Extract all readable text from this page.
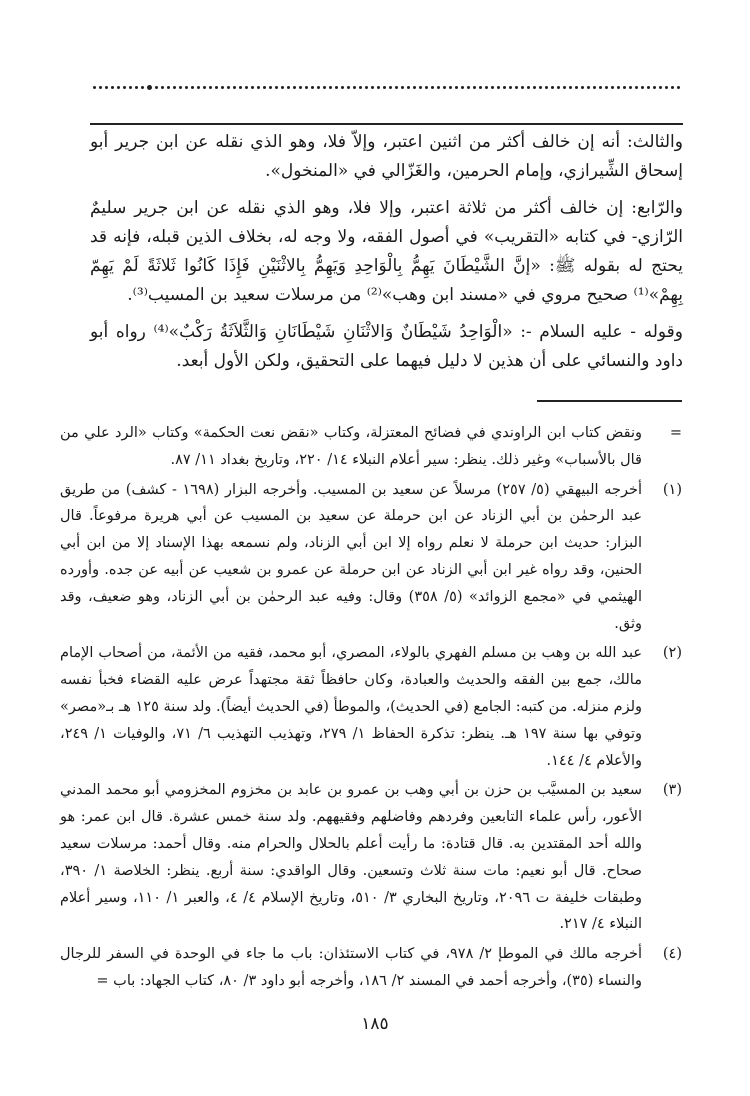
والثالث: أنه إن خالف أكثر من اثنين اعتبر، وإلاّ فلا، وهو الذي نقله عن ابن جرير أبو إسحاق الشِّيرازي، وإمام الحرمين، والغَزّالي في «المنخول».

والرّابع: إن خالف أكثر من ثلاثة اعتبر، وإلا فلا، وهو الذي نقله عن ابن جرير سليمٌ الرّازي- في كتابه «التقريب» في أصول الفقه، ولا وجه له، بخلاف الذين قبله، فإنه قد يحتج له بقوله ﷺ: «إنَّ الشَّيْطَانَ يَهِمُّ بِالْوَاحِدِ وَيَهِمُّ بِالاثْنَيْنِ فَإِذَا كَانُوا ثَلاثَةً لَمْ يَهِمّ بِهِمْ»⁽¹⁾ صحيح مروي في «مسند ابن وهب»⁽²⁾ من مرسلات سعيد بن المسيب⁽³⁾.

وقوله - عليه السلام -: «الْوَاحِدُ شَيْطَانٌ وَالاثْنَانِ شَيْطَانَانِ وَالثَّلاَثَةُ رَكْبٌ»⁽⁴⁾ رواه أبو داود والنسائي على أن هذين لا دليل فيهما على التحقيق، ولكن الأول أبعد.

=
ونقض كتاب ابن الراوندي في فضائح المعتزلة، وكتاب «نقض نعت الحكمة» وكتاب «الرد علي من قال بالأسباب» وغير ذلك. ينظر: سير أعلام النبلاء ١٤/ ٢٢٠، وتاريخ بغداد ١١/ ٨٧.
(١)
أخرجه البيهقي (٥/ ٢٥٧) مرسلاً عن سعيد بن المسيب. وأخرجه البزار (١٦٩٨ - كشف) من طريق عبد الرحمٰن بن أبي الزناد عن ابن حرملة عن سعيد بن المسيب عن أبي هريرة مرفوعاً. قال البزار: حديث ابن حرملة لا نعلم رواه إلا ابن أبي الزناد، ولم نسمعه بهذا الإسناد إلا من ابن أبي الحنين، وقد رواه غير ابن أبي الزناد عن ابن حرملة عن عمرو بن شعيب عن أبيه عن جده. وأورده الهيثمي في «مجمع الزوائد» (٥/ ٣٥٨) وقال: وفيه عبد الرحمٰن بن أبي الزناد، وهو ضعيف، وقد وثق.
(٢)
عبد الله بن وهب بن مسلم الفهري بالولاء، المصري، أبو محمد، فقيه من الأئمة، من أصحاب الإمام مالك، جمع بين الفقه والحديث والعبادة، وكان حافظاً ثقة مجتهداً عرض عليه القضاء فخبأ نفسه ولزم منزله. من كتبه: الجامع (في الحديث)، والموطأ (في الحديث أيضاً). ولد سنة ١٢٥ هـ بـ«مصر» وتوفي بها سنة ١٩٧ هـ. ينظر: تذكرة الحفاظ ١/ ٢٧٩، وتهذيب التهذيب ٦/ ٧١، والوفيات ١/ ٢٤٩، والأعلام ٤/ ١٤٤.
(٣)
سعيد بن المسيَّب بن حزن بن أبي وهب بن عمرو بن عابد بن مخزوم المخزومي أبو محمد المدني الأعور، رأس علماء التابعين وفردهم وفاضلهم وفقيههم. ولد سنة خمس عشرة. قال ابن عمر: هو والله أحد المقتدين به. قال قتادة: ما رأيت أعلم بالحلال والحرام منه. وقال أحمد: مرسلات سعيد صحاح. قال أبو نعيم: مات سنة ثلاث وتسعين. وقال الواقدي: سنة أربع. ينظر: الخلاصة ١/ ٣٩٠، وطبقات خليفة ت ٢٠٩٦، وتاريخ البخاري ٣/ ٥١٠، وتاريخ الإسلام ٤/ ٤، والعبر ١/ ١١٠، وسير أعلام النبلاء ٤/ ٢١٧.
(٤)
أخرجه مالك في الموطإ ٢/ ٩٧٨، في كتاب الاستئذان: باب ما جاء في الوحدة في السفر للرجال والنساء (٣٥)، وأخرجه أحمد في المسند ٢/ ١٨٦، وأخرجه أبو داود ٣/ ٨٠، كتاب الجهاد: باب =
١٨٥
